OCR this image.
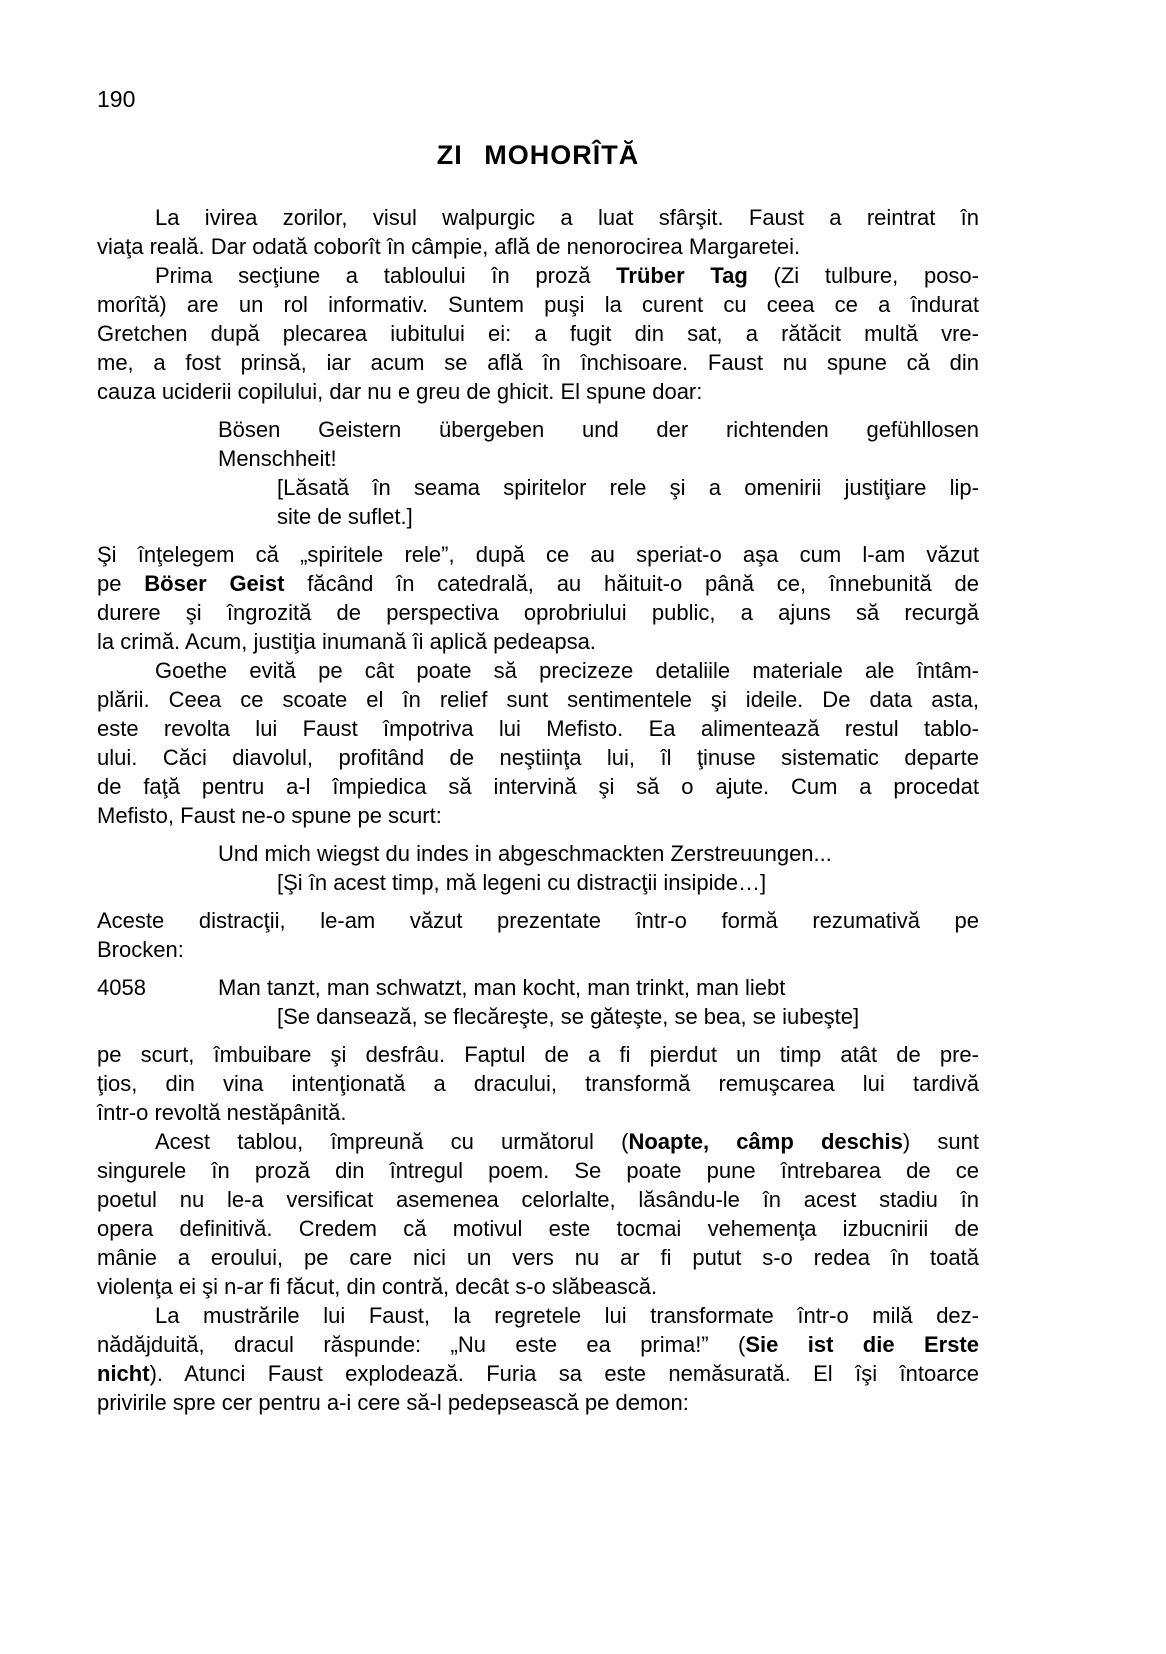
190
ZI MOHORÎTĂ
La ivirea zorilor, visul walpurgic a luat sfârşit. Faust a reintrat în
viaţa reală. Dar odată coborît în câmpie, află de nenorocirea Margaretei.
Prima secţiune a tabloului în proză Trüber Tag (Zi tulbure, poso-
morîtă) are un rol informativ. Suntem puşi la curent cu ceea ce a îndurat
Gretchen după plecarea iubitului ei: a fugit din sat, a rătăcit multă vre-
me, a fost prinsă, iar acum se află în închisoare. Faust nu spune că din
cauza uciderii copilului, dar nu e greu de ghicit. El spune doar:
Bösen Geistern übergeben und der richtenden gefühllosen
Menschheit!
[Lăsată în seama spiritelor rele şi a omenirii justiţiare lip-
site de suflet.]
Şi înţelegem că „spiritele rele”, după ce au speriat-o aşa cum l-am văzut
pe Böser Geist făcând în catedrală, au hăituit-o până ce, înnebunită de
durere şi îngrozită de perspectiva oprobriului public, a ajuns să recurgă
la crimă. Acum, justiţia inumană îi aplică pedeapsa.
Goethe evită pe cât poate să precizeze detaliile materiale ale întâm-
plării. Ceea ce scoate el în relief sunt sentimentele şi ideile. De data asta,
este revolta lui Faust împotriva lui Mefisto. Ea alimentează restul tablo-
ului. Căci diavolul, profitând de neştiinţa lui, îl ţinuse sistematic departe
de faţă pentru a-l împiedica să intervină şi să o ajute. Cum a procedat
Mefisto, Faust ne-o spune pe scurt:
Und mich wiegst du indes in abgeschmackten Zerstreuungen...
[Şi în acest timp, mă legeni cu distracţii insipide…]
Aceste distracţii, le-am văzut prezentate într-o formă rezumativă pe
Brocken:
4058	Man tanzt, man schwatzt, man kocht, man trinkt, man liebt
[Se dansează, se flecăreşte, se găteşte, se bea, se iubeşte]
pe scurt, îmbuibare şi desfrâu. Faptul de a fi pierdut un timp atât de pre-
ţios, din vina intenţionată a dracului, transformă remuşcarea lui tardivă
într-o revoltă nestăpânită.
Acest tablou, împreună cu următorul (Noapte, câmp deschis) sunt
singurele în proză din întregul poem. Se poate pune întrebarea de ce
poetul nu le-a versificat asemenea celorlalte, lăsându-le în acest stadiu în
opera definitivă. Credem că motivul este tocmai vehemenţa izbucnirii de
mânie a eroului, pe care nici un vers nu ar fi putut s-o redea în toată
violenţa ei şi n-ar fi făcut, din contră, decât s-o slăbească.
La mustrările lui Faust, la regretele lui transformate într-o milă dez-
nădăjduită, dracul răspunde: „Nu este ea prima!” (Sie ist die Erste
nicht). Atunci Faust explodează. Furia sa este nemăsurată. El îşi întoarce
privirile spre cer pentru a-i cere să-l pedepsească pe demon:
